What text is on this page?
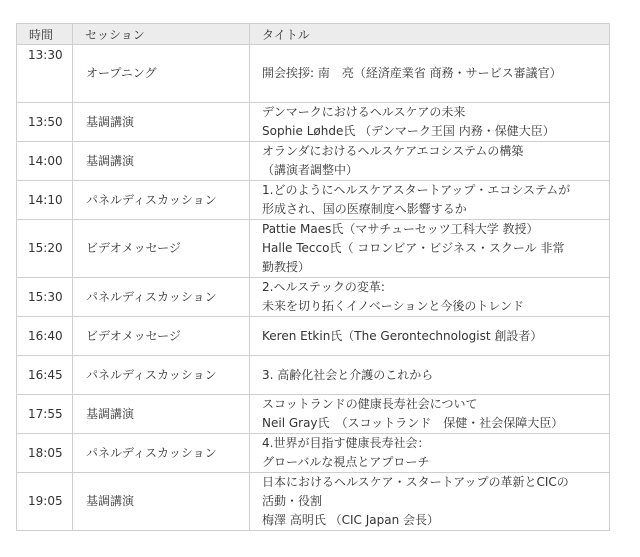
時間	セッション	タイトル
13:30	オープニング	開会挨拶: 南　亮（経済産業省 商務・サービス審議官）

13:50	基調講演	デンマークにおけるヘルスケアの未来
Sophie Løhde氏 （デンマーク王国 内務・保健大臣）

14:00	基調講演	オランダにおけるヘルスケアエコシステムの構築
（講演者調整中）

14:10	パネルディスカッション	1.どのようにヘルスケアスタートアップ・エコシステムが
形成され、国の医療制度へ影響するか

15:20	ビデオメッセージ	Pattie Maes氏（マサチューセッツ工科大学 教授）
Halle Tecco氏（ コロンビア・ビジネス・スクール 非常
勤教授）

15:30	パネルディスカッション	2.ヘルステックの変革:
未来を切り拓くイノベーションと今後のトレンド

16:40	ビデオメッセージ	Keren Etkin氏（The Gerontechnologist 創設者）

16:45	パネルディスカッション	3. 高齢化社会と介護のこれから

17:55	基調講演	スコットランドの健康長寿社会について
Neil Gray氏　（スコットランド　保健・社会保障大臣）

18:05	パネルディスカッション	4.世界が目指す健康長寿社会：
グローバルな視点とアプローチ

19:05	基調講演	日本におけるヘルスケア・スタートアップの革新とCICの
活動・役割
梅澤 高明氏 （CIC Japan 会長）
